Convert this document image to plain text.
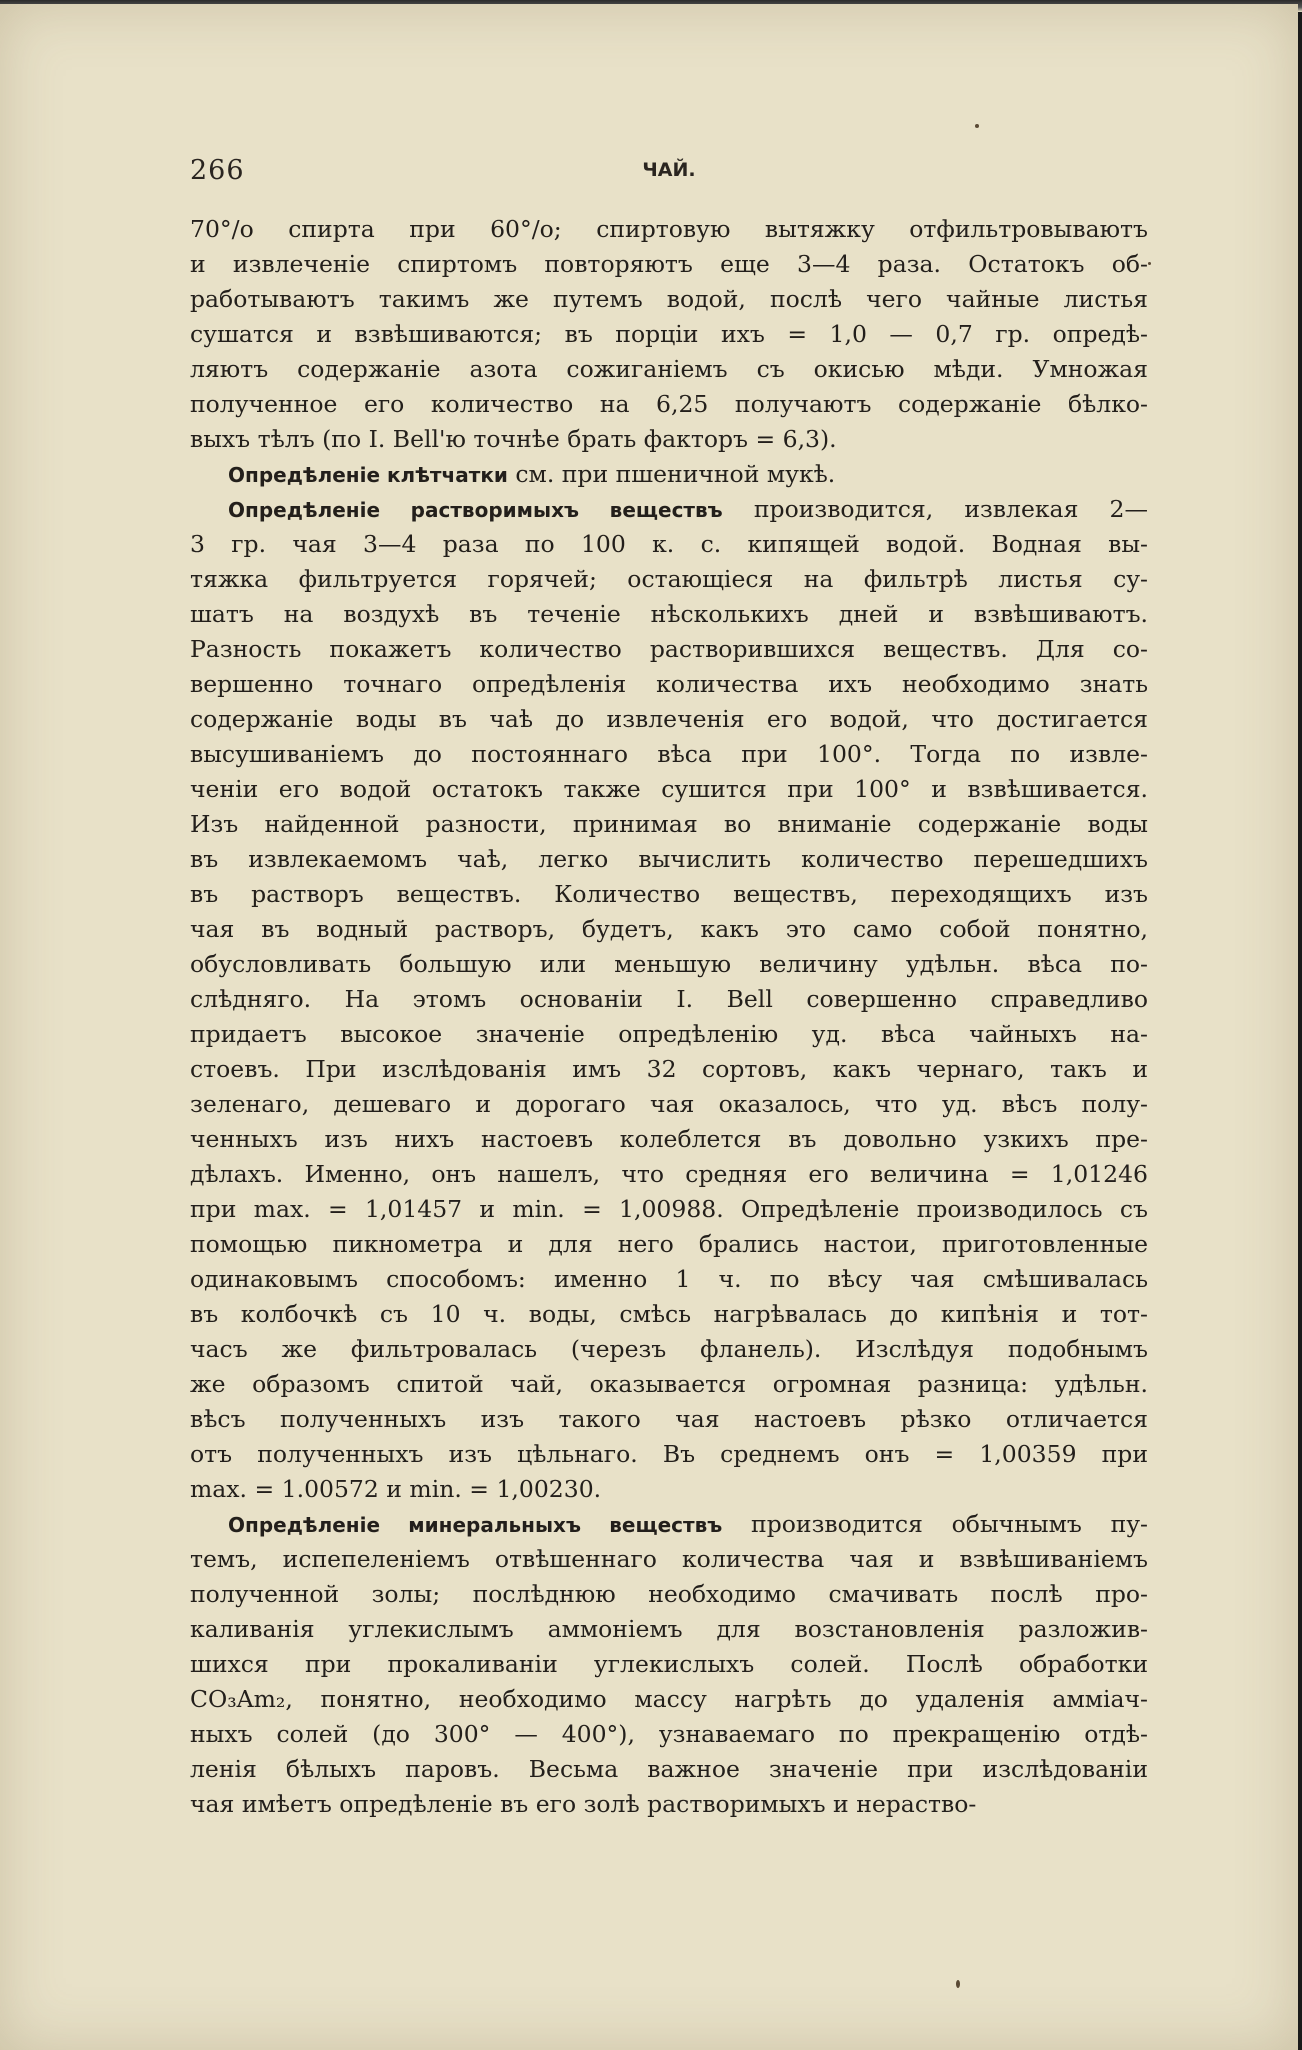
266	ЧАЙ.
70°/o спирта при 60°/o; спиртовую вытяжку отфильтровываютъ
и извлеченіе спиртомъ повторяютъ еще 3—4 раза. Остатокъ об-
работываютъ такимъ же путемъ водой, послѣ чего чайные листья
сушатся и взвѣшиваются; въ порціи ихъ = 1,0 — 0,7 гр. опредѣ-
ляютъ содержаніе азота сожиганіемъ съ окисью мѣди. Умножая
полученное его количество на 6,25 получаютъ содержаніе бѣлко-
выхъ тѣлъ (по I. Bell'ю точнѣе брать факторъ = 6,3).
Опредѣленіе клѣтчатки см. при пшеничной мукѣ.
Опредѣленіе растворимыхъ веществъ производится, извлекая 2—
3 гр. чая 3—4 раза по 100 к. с. кипящей водой. Водная вы-
тяжка фильтруется горячей; остающіеся на фильтрѣ листья су-
шатъ на воздухѣ въ теченіе нѣсколькихъ дней и взвѣшиваютъ.
Разность покажетъ количество растворившихся веществъ. Для со-
вершенно точнаго опредѣленія количества ихъ необходимо знать
содержаніе воды въ чаѣ до извлеченія его водой, что достигается
высушиваніемъ до постояннаго вѣса при 100°. Тогда по извле-
ченіи его водой остатокъ также сушится при 100° и взвѣшивается.
Изъ найденной разности, принимая во вниманіе содержаніе воды
въ извлекаемомъ чаѣ, легко вычислить количество перешедшихъ
въ растворъ веществъ. Количество веществъ, переходящихъ изъ
чая въ водный растворъ, будетъ, какъ это само собой понятно,
обусловливать большую или меньшую величину удѣльн. вѣса по-
слѣдняго. На этомъ основаніи I. Bell совершенно справедливо
придаетъ высокое значеніе опредѣленію уд. вѣса чайныхъ на-
стоевъ. При изслѣдованія имъ 32 сортовъ, какъ чернаго, такъ и
зеленаго, дешеваго и дорогаго чая оказалось, что уд. вѣсъ полу-
ченныхъ изъ нихъ настоевъ колеблется въ довольно узкихъ пре-
дѣлахъ. Именно, онъ нашелъ, что средняя его величина = 1,01246
при max. = 1,01457 и min. = 1,00988. Опредѣленіе производилось съ
помощью пикнометра и для него брались настои, приготовленные
одинаковымъ способомъ: именно 1 ч. по вѣсу чая смѣшивалась
въ колбочкѣ съ 10 ч. воды, смѣсь нагрѣвалась до кипѣнія и тот-
часъ же фильтровалась (черезъ фланель). Изслѣдуя подобнымъ
же образомъ спитой чай, оказывается огромная разница: удѣльн.
вѣсъ полученныхъ изъ такого чая настоевъ рѣзко отличается
отъ полученныхъ изъ цѣльнаго. Въ среднемъ онъ = 1,00359 при
max. = 1.00572 и min. = 1,00230.
Опредѣленіе минеральныхъ веществъ производится обычнымъ пу-
темъ, испепеленіемъ отвѣшеннаго количества чая и взвѣшиваніемъ
полученной золы; послѣднюю необходимо смачивать послѣ про-
каливанія углекислымъ аммоніемъ для возстановленія разложив-
шихся при прокаливаніи углекислыхъ солей. Послѣ обработки
CO₃Am₂, понятно, необходимо массу нагрѣть до удаленія аммiач-
ныхъ солей (до 300° — 400°), узнаваемаго по прекращенію отдѣ-
ленія бѣлыхъ паровъ. Весьма важное значеніе при изслѣдованіи
чая имѣетъ опредѣленіе въ его золѣ растворимыхъ и нераство-
